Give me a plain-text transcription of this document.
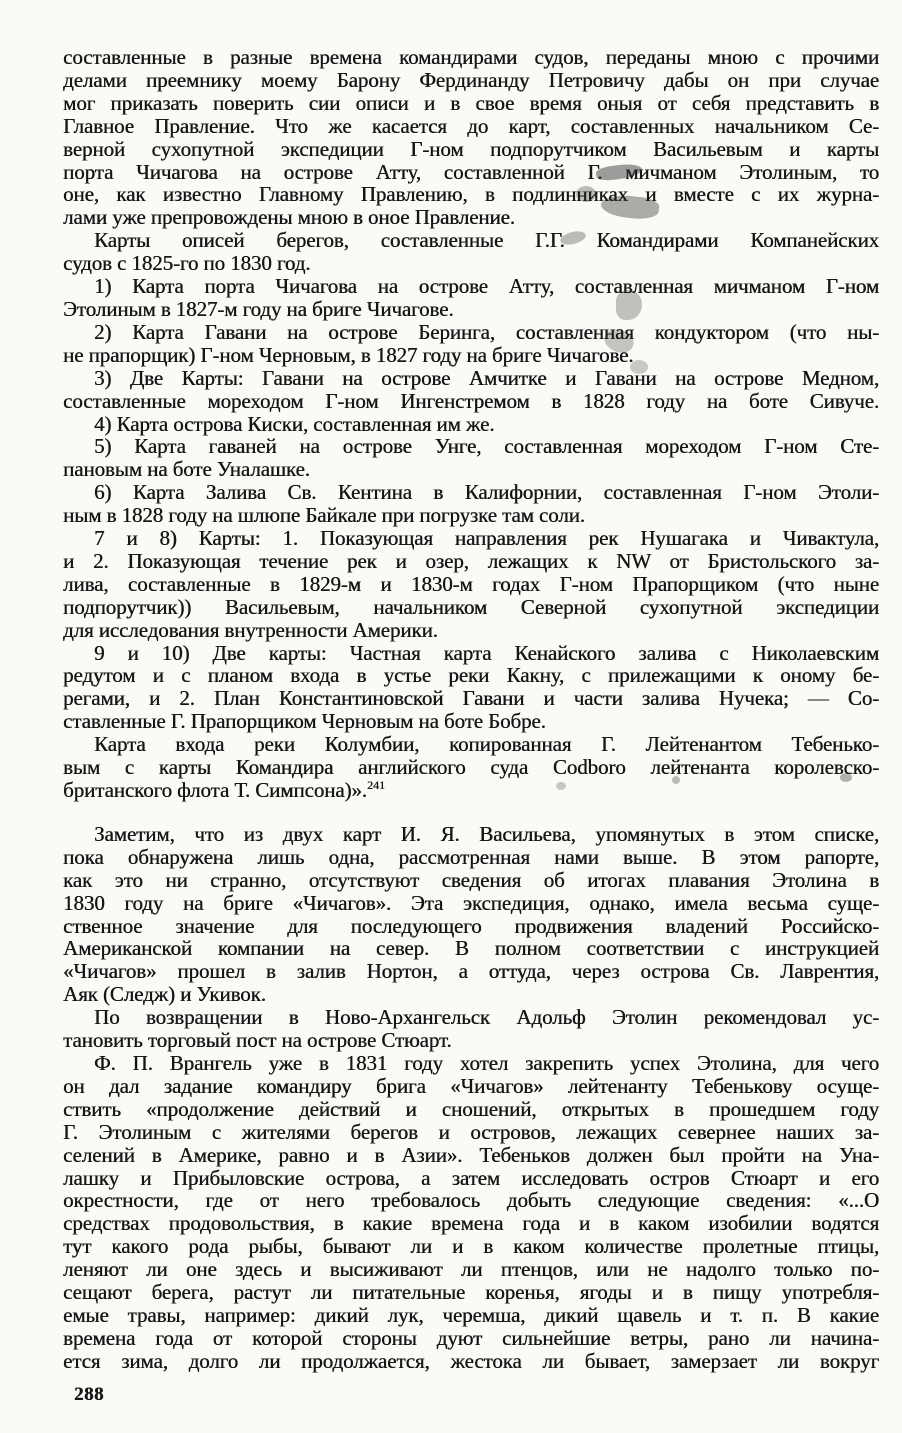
составленные в разные времена командирами судов, переданы мною с прочими
делами преемнику моему Барону Фердинанду Петровичу дабы он при случае
мог приказать поверить сии описи и в свое время оныя от себя представить в
Главное Правление. Что же касается до карт, составленных начальником Се-
верной сухопутной экспедиции Г-ном подпорутчиком Васильевым и карты
порта Чичагова на острове Атту, составленной Г. мичманом Этолиным, то
оне, как известно Главному Правлению, в подлинниках и вместе с их журна-
лами уже препровождены мною в оное Правление.
Карты описей берегов, составленные Г.Г. Командирами Компанейских
судов с 1825-го по 1830 год.
1) Карта порта Чичагова на острове Атту, составленная мичманом Г-ном
Этолиным в 1827-м году на бриге Чичагове.
2) Карта Гавани на острове Беринга, составленная кондуктором (что ны-
не прапорщик) Г-ном Черновым, в 1827 году на бриге Чичагове.
3) Две Карты: Гавани на острове Амчитке и Гавани на острове Медном,
составленные мореходом Г-ном Ингенстремом в 1828 году на боте Сивуче.
4) Карта острова Киски, составленная им же.
5) Карта гаваней на острове Унге, составленная мореходом Г-ном Сте-
пановым на боте Уналашке.
6) Карта Залива Св. Кентина в Калифорнии, составленная Г-ном Этоли-
ным в 1828 году на шлюпе Байкале при погрузке там соли.
7 и 8) Карты: 1. Показующая направления рек Нушагака и Чивактула,
и 2. Показующая течение рек и озер, лежащих к NW от Бристольского за-
лива, составленные в 1829-м и 1830-м годах Г-ном Прапорщиком (что ныне
подпорутчик)) Васильевым, начальником Северной сухопутной экспедиции
для исследования внутренности Америки.
9 и 10) Две карты: Частная карта Кенайского залива с Николаевским
редутом и с планом входа в устье реки Какну, с прилежащими к оному бе-
регами, и 2. План Константиновской Гавани и части залива Нучека; — Со-
ставленные Г. Прапорщиком Черновым на боте Бобре.
Карта входа реки Колумбии, копированная Г. Лейтенантом Тебенько-
вым с карты Командира английского суда Codboro лейтенанта королевско-
британского флота Т. Симпсона)».$^{241}$
Заметим, что из двух карт И. Я. Васильева, упомянутых в этом списке,
пока обнаружена лишь одна, рассмотренная нами выше. В этом рапорте,
как это ни странно, отсутствуют сведения об итогах плавания Этолина в
1830 году на бриге «Чичагов». Эта экспедиция, однако, имела весьма суще-
ственное значение для последующего продвижения владений Российско-
Американской компании на север. В полном соответствии с инструкцией
«Чичагов» прошел в залив Нортон, а оттуда, через острова Св. Лаврентия,
Аяк (Следж) и Укивок.
По возвращении в Ново-Архангельск Адольф Этолин рекомендовал ус-
тановить торговый пост на острове Стюарт.
Ф. П. Врангель уже в 1831 году хотел закрепить успех Этолина, для чего
он дал задание командиру брига «Чичагов» лейтенанту Тебенькову осуще-
ствить «продолжение действий и сношений, открытых в прошедшем году
Г. Этолиным с жителями берегов и островов, лежащих севернее наших за-
селений в Америке, равно и в Азии». Тебеньков должен был пройти на Уна-
лашку и Прибыловские острова, а затем исследовать остров Стюарт и его
окрестности, где от него требовалось добыть следующие сведения: «...О
средствах продовольствия, в какие времена года и в каком изобилии водятся
тут какого рода рыбы, бывают ли и в каком количестве пролетные птицы,
леняют ли оне здесь и высиживают ли птенцов, или не надолго только по-
сещают берега, растут ли питательные коренья, ягоды и в пищу употребля-
емые травы, например: дикий лук, черемша, дикий щавель и т. п. В какие
времена года от которой стороны дуют сильнейшие ветры, рано ли начина-
ется зима, долго ли продолжается, жестока ли бывает, замерзает ли вокруг
288
